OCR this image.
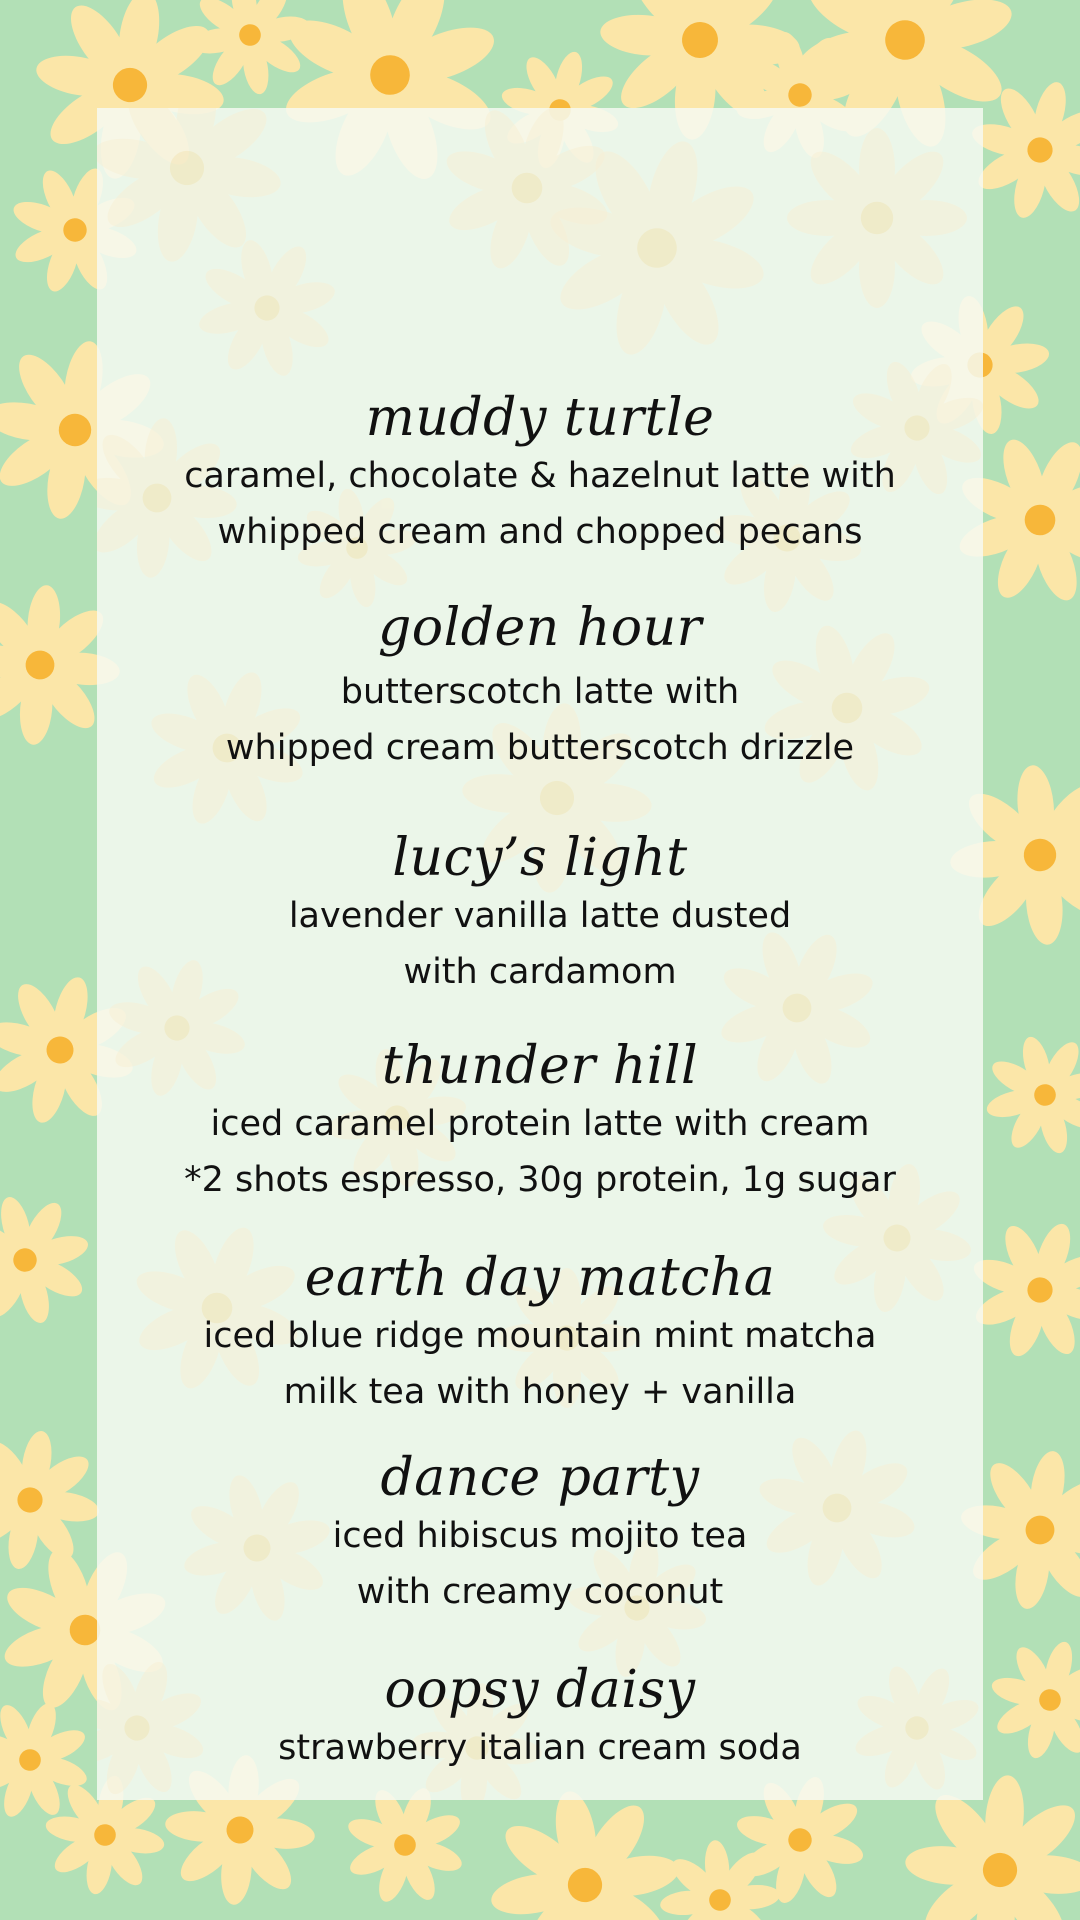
muddy turtle
caramel, chocolate & hazelnut latte with
whipped cream and chopped pecans
golden hour
butterscotch latte with
whipped cream butterscotch drizzle
lucy’s light
lavender vanilla latte dusted
with cardamom
thunder hill
iced caramel protein latte with cream
*2 shots espresso, 30g protein, 1g sugar
earth day matcha
iced blue ridge mountain mint matcha
milk tea with honey + vanilla
dance party
iced hibiscus mojito tea
with creamy coconut
oopsy daisy
strawberry italian cream soda
